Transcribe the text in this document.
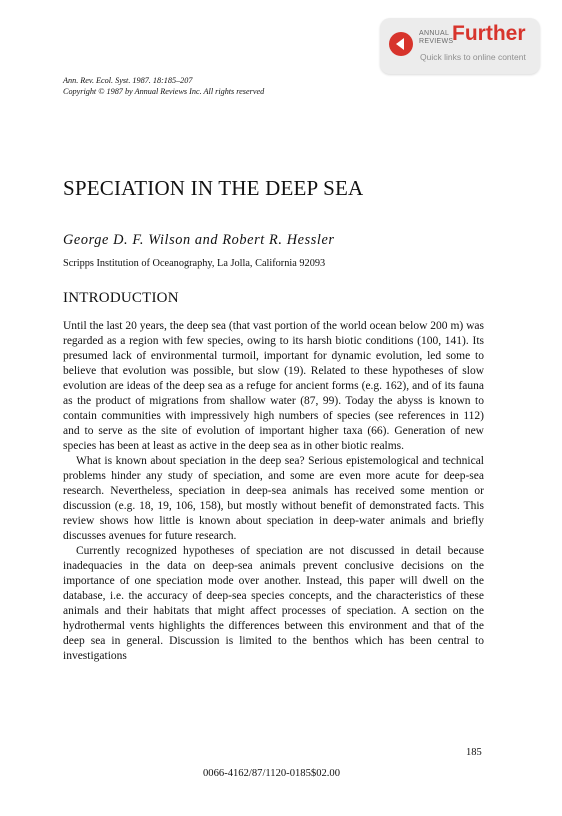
ANNUAL
REVIEWS
Further
Quick links to online content
Ann. Rev. Ecol. Syst. 1987. 18:185–207
Copyright © 1987 by Annual Reviews Inc. All rights reserved
SPECIATION IN THE DEEP SEA
George D. F. Wilson and Robert R. Hessler
Scripps Institution of Oceanography, La Jolla, California 92093
INTRODUCTION

Until the last 20 years, the deep sea (that vast portion of the world ocean below 200 m) was regarded as a region with few species, owing to its harsh biotic conditions (100, 141). Its presumed lack of environmental turmoil, important for dynamic evolution, led some to believe that evolution was possible, but slow (19). Related to these hypotheses of slow evolution are ideas of the deep sea as a refuge for ancient forms (e.g. 162), and of its fauna as the product of migrations from shallow water (87, 99). Today the abyss is known to contain communities with impressively high numbers of species (see references in 112) and to serve as the site of evolution of important higher taxa (66). Generation of new species has been at least as active in the deep sea as in other biotic realms.

What is known about speciation in the deep sea? Serious epistemological and technical problems hinder any study of speciation, and some are even more acute for deep-sea research. Nevertheless, speciation in deep-sea animals has received some mention or discussion (e.g. 18, 19, 106, 158), but mostly without benefit of demonstrated facts. This review shows how little is known about speciation in deep-water animals and briefly discusses avenues for future research.

Currently recognized hypotheses of speciation are not discussed in detail because inadequacies in the data on deep-sea animals prevent conclusive decisions on the importance of one speciation mode over another. Instead, this paper will dwell on the database, i.e. the accuracy of deep-sea species concepts, and the characteristics of these animals and their habitats that might affect processes of speciation. A section on the hydrothermal vents highlights the differences between this environment and that of the deep sea in general. Discussion is limited to the benthos which has been central to investigations

185
0066-4162/87/1120-0185$02.00
